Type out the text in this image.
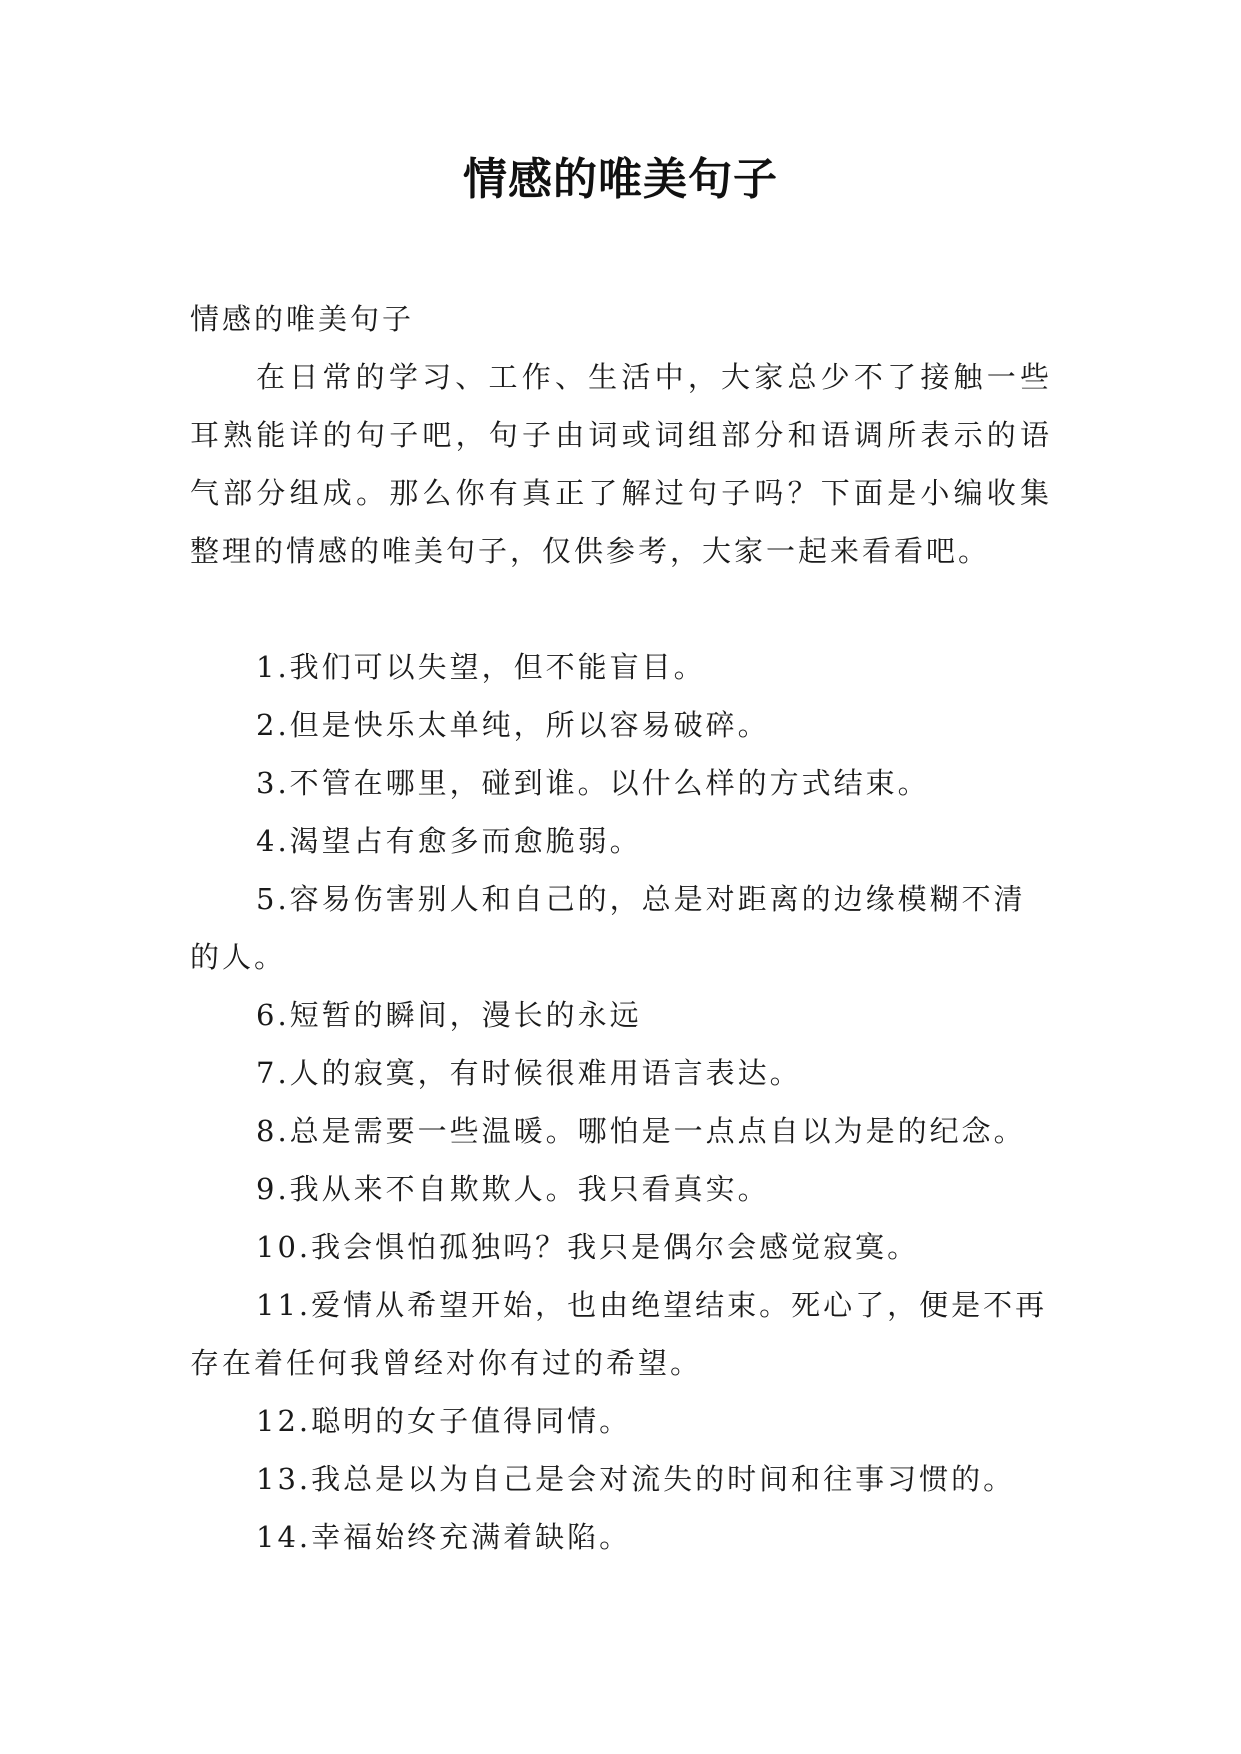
情感的唯美句子

情感的唯美句子

在日常的学习、工作、生活中，大家总少不了接触一些耳熟能详的句子吧，句子由词或词组部分和语调所表示的语气部分组成。那么你有真正了解过句子吗？下面是小编收集整理的情感的唯美句子，仅供参考，大家一起来看看吧。

1.我们可以失望，但不能盲目。
2.但是快乐太单纯，所以容易破碎。
3.不管在哪里，碰到谁。以什么样的方式结束。
4.渴望占有愈多而愈脆弱。
5.容易伤害别人和自己的，总是对距离的边缘模糊不清的人。
6.短暂的瞬间，漫长的永远
7.人的寂寞，有时候很难用语言表达。
8.总是需要一些温暖。哪怕是一点点自以为是的纪念。
9.我从来不自欺欺人。我只看真实。
10.我会惧怕孤独吗？我只是偶尔会感觉寂寞。
11.爱情从希望开始，也由绝望结束。死心了，便是不再存在着任何我曾经对你有过的希望。
12.聪明的女子值得同情。
13.我总是以为自己是会对流失的时间和往事习惯的。
14.幸福始终充满着缺陷。
